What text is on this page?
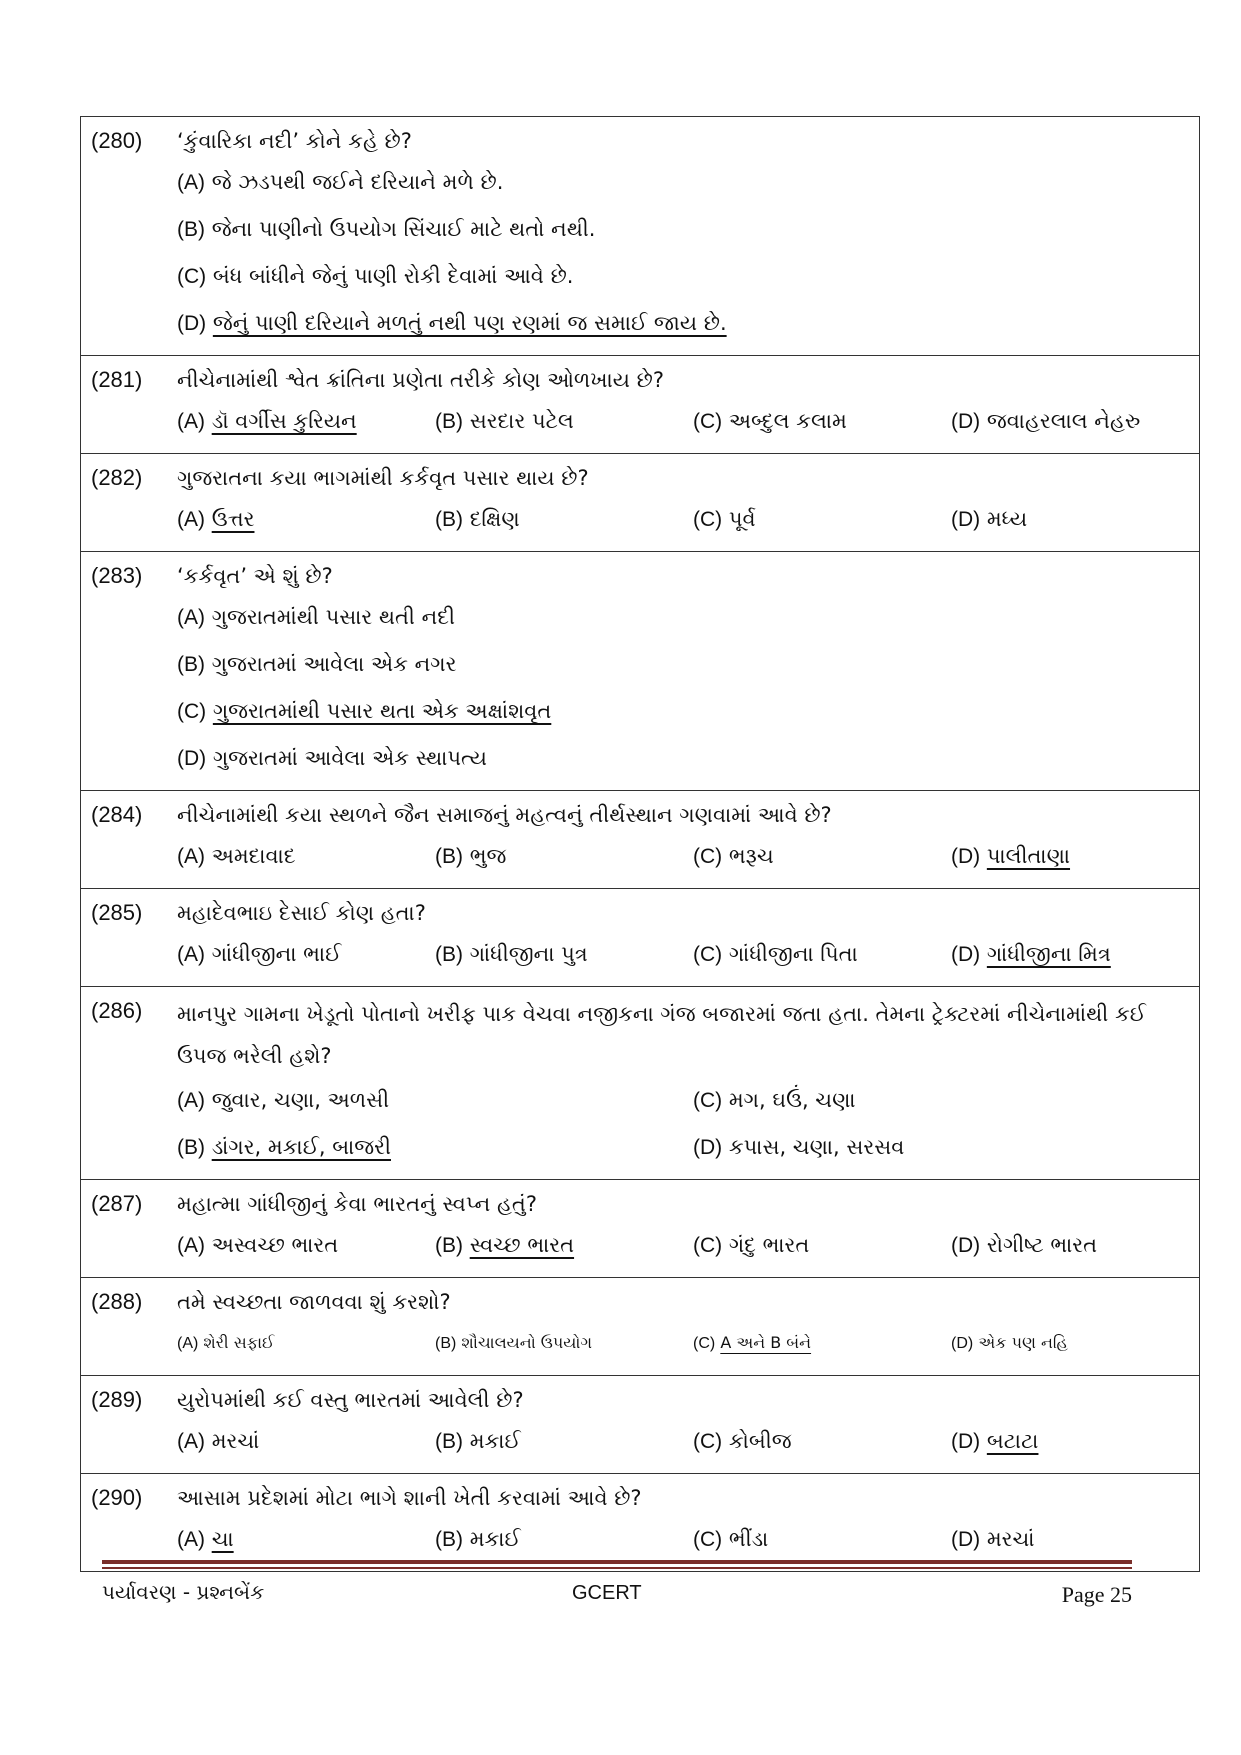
(280)	‘કુંવારિકા નદી’ કોને કહે છે?
(A) જે ઝડપથી જઈને દરિયાને મળે છે.
(B) જેના પાણીનો ઉપયોગ સિંચાઈ માટે થતો નથી.
(C) બંધ બાંધીને જેનું પાણી રોકી દેવામાં આવે છે.
(D) જેનું પાણી દરિયાને મળતું નથી પણ રણમાં જ સમાઈ જાય છે.
(281)	નીચેનામાંથી શ્વેત ક્રાંતિના પ્રણેતા તરીકે કોણ ઓળખાય છે?
(A) ડૉ વર્ગીસ કુરિયન	(B) સરદાર પટેલ	(C) અબ્દુલ કલામ	(D) જવાહરલાલ નેહરુ
(282)	ગુજરાતના કયા ભાગમાંથી કર્કવૃત પસાર થાય છે?
(A) ઉત્તર	(B) દક્ષિણ	(C) પૂર્વ	(D) મધ્ય
(283)	‘કર્કવૃત’ એ શું છે?
(A) ગુજરાતમાંથી પસાર થતી નદી
(B) ગુજરાતમાં આવેલા એક નગર
(C) ગુજરાતમાંથી પસાર થતા એક અક્ષાંશવૃત
(D) ગુજરાતમાં આવેલા એક સ્થાપત્ય
(284)	નીચેનામાંથી કયા સ્થળને જૈન સમાજનું મહત્વનું તીર્થસ્થાન ગણવામાં આવે છે?
(A) અમદાવાદ	(B) ભુજ	(C) ભરૂચ	(D) પાલીતાણા
(285)	મહાદેવભાઇ દેસાઈ કોણ હતા?
(A) ગાંધીજીના ભાઈ	(B) ગાંધીજીના પુત્ર	(C) ગાંધીજીના પિતા	(D) ગાંધીજીના મિત્ર
(286)	માનપુર ગામના ખેડૂતો પોતાનો ખરીફ પાક વેચવા નજીકના ગંજ બજારમાં જતા હતા. તેમના ટ્રેક્ટરમાં નીચેનામાંથી કઈ ઉપજ ભરેલી હશે?
(A) જુવાર, ચણા, અળસી	(C) મગ, ઘઉં, ચણા
(B) ડાંગર, મકાઈ, બાજરી	(D) કપાસ, ચણા, સરસવ
(287)	મહાત્મા ગાંધીજીનું કેવા ભારતનું સ્વપ્ન હતું?
(A) અસ્વચ્છ ભારત	(B) સ્વચ્છ ભારત	(C) ગંદુ ભારત	(D) રોગીષ્ટ ભારત
(288)	તમે સ્વચ્છતા જાળવવા શું કરશો?
(A) શેરી સફાઈ	(B) શૌચાલયનો ઉપયોગ	(C) A અને B બંને	(D) એક પણ નહિ
(289)	યુરોપમાંથી કઈ વસ્તુ ભારતમાં આવેલી છે?
(A) મરચાં	(B) મકાઈ	(C) કોબીજ	(D) બટાટા
(290)	આસામ પ્રદેશમાં મોટા ભાગે શાની ખેતી કરવામાં આવે છે?
(A) ચા	(B) મકાઈ	(C) ભીંડા	(D) મરચાં
પર્યાવરણ - પ્રશ્નબેંક	GCERT	Page 25
